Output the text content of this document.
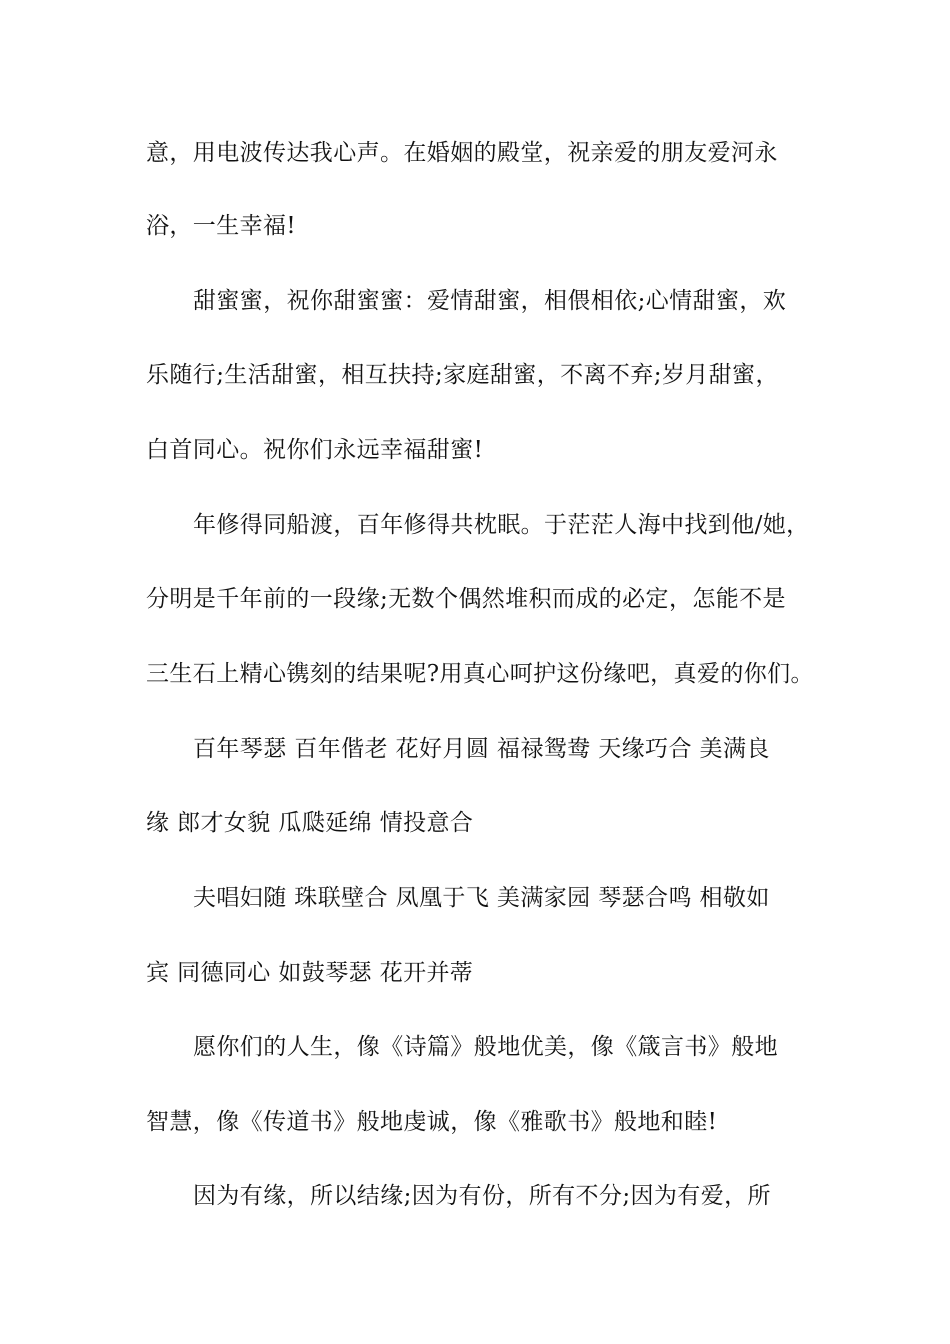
意，用电波传达我心声。在婚姻的殿堂，祝亲爱的朋友爱河永
浴，一生幸福!
甜蜜蜜，祝你甜蜜蜜：爱情甜蜜，相偎相依;心情甜蜜，欢
乐随行;生活甜蜜，相互扶持;家庭甜蜜，不离不弃;岁月甜蜜，
白首同心。祝你们永远幸福甜蜜!
年修得同船渡，百年修得共枕眠。于茫茫人海中找到他/她，
分明是千年前的一段缘;无数个偶然堆积而成的必定，怎能不是
三生石上精心镌刻的结果呢?用真心呵护这份缘吧，真爱的你们。
百年琴瑟 百年偕老 花好月圆 福禄鸳鸯 天缘巧合 美满良
缘 郎才女貌 瓜瓞延绵 情投意合
夫唱妇随 珠联壁合 凤凰于飞 美满家园 琴瑟合鸣 相敬如
宾 同德同心 如鼓琴瑟 花开并蒂
愿你们的人生，像《诗篇》般地优美，像《箴言书》般地
智慧，像《传道书》般地虔诚，像《雅歌书》般地和睦!
因为有缘，所以结缘;因为有份，所有不分;因为有爱，所
